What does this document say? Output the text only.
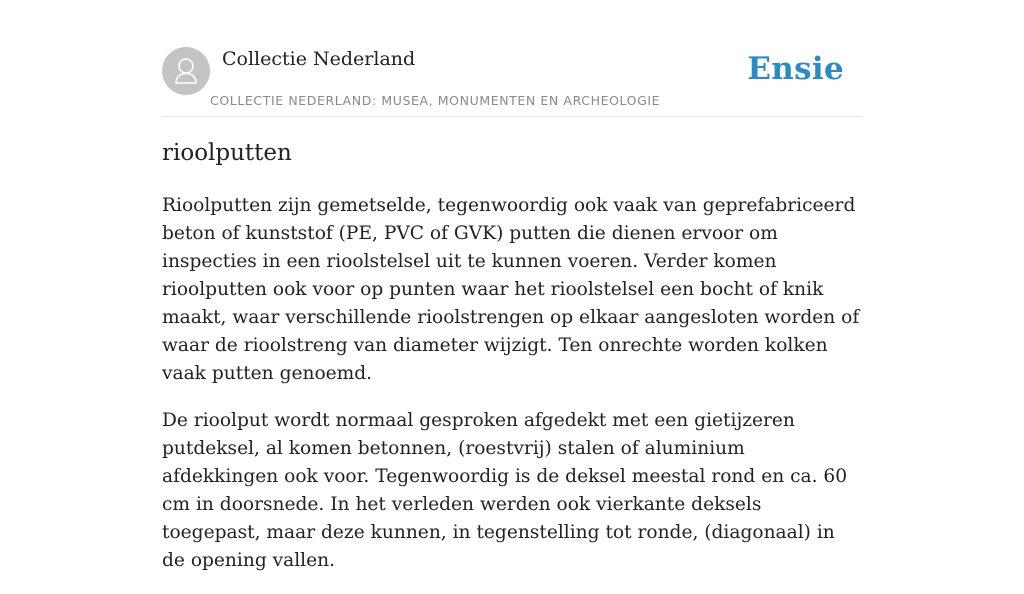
Collectie Nederland
COLLECTIE NEDERLAND: MUSEA, MONUMENTEN EN ARCHEOLOGIE
Ensie
rioolputten

Rioolputten zijn gemetselde, tegenwoordig ook vaak van geprefabriceerd beton of kunststof (PE, PVC of GVK) putten die dienen ervoor om inspecties in een rioolstelsel uit te kunnen voeren. Verder komen rioolputten ook voor op punten waar het rioolstelsel een bocht of knik maakt, waar verschillende rioolstrengen op elkaar aangesloten worden of waar de rioolstreng van diameter wijzigt. Ten onrechte worden kolken vaak putten genoemd.

De rioolput wordt normaal gesproken afgedekt met een gietijzeren putdeksel, al komen betonnen, (roestvrij) stalen of aluminium afdekkingen ook voor. Tegenwoordig is de deksel meestal rond en ca. 60 cm in doorsnede. In het verleden werden ook vierkante deksels toegepast, maar deze kunnen, in tegenstelling tot ronde, (diagonaal) in de opening vallen.
